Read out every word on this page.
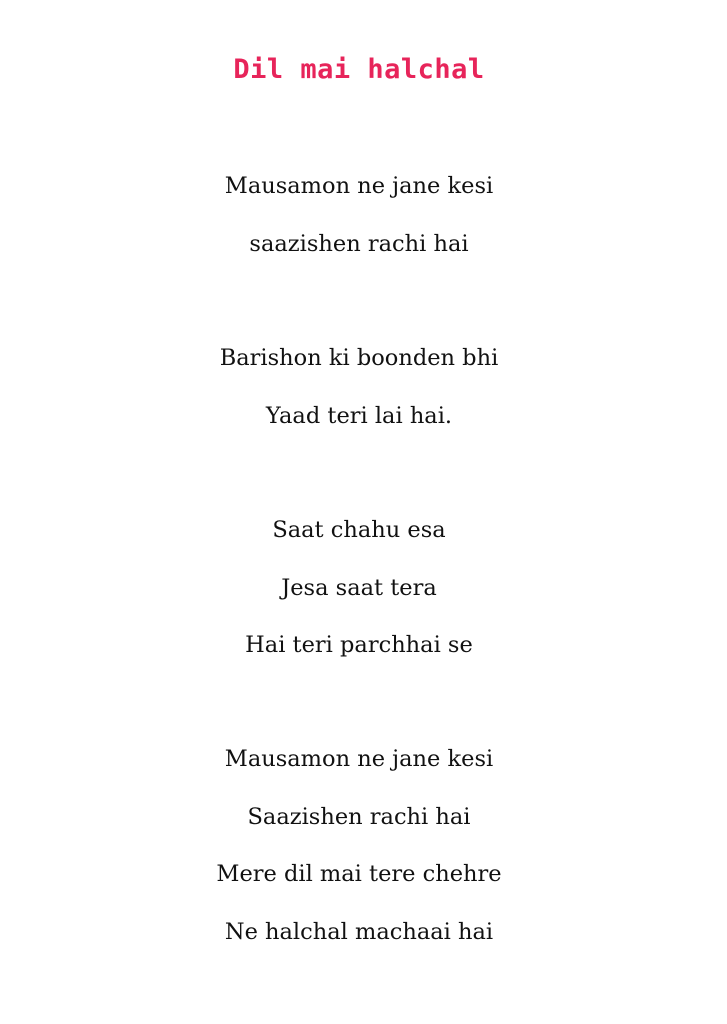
Dil mai halchal
Mausamon ne jane kesi
saazishen rachi hai
Barishon ki boonden bhi
Yaad teri lai hai.
Saat chahu esa
Jesa saat tera
Hai teri parchhai se
Mausamon ne jane kesi
Saazishen rachi hai
Mere dil mai tere chehre
Ne halchal machaai hai
